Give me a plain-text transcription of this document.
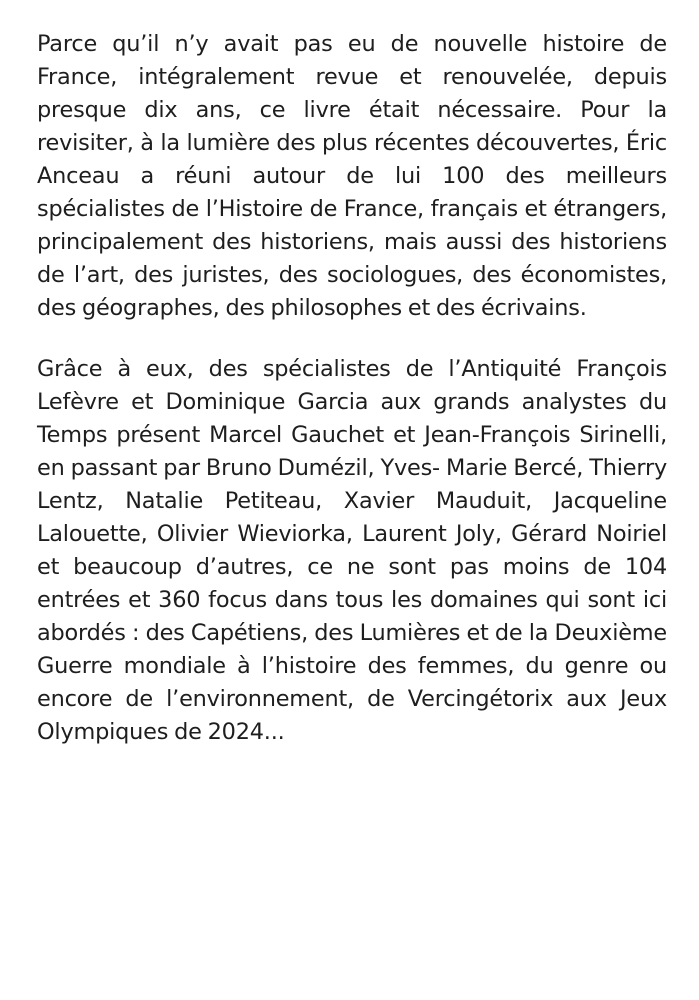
Parce qu’il n’y avait pas eu de nouvelle histoire de France, intégralement revue et renouvelée, depuis presque dix ans, ce livre était nécessaire. Pour la revisiter, à la lumière des plus récentes découvertes, Éric Anceau a réuni autour de lui 100 des meilleurs spécialistes de l’Histoire de France, français et étrangers, principalement des historiens, mais aussi des historiens de l’art, des juristes, des sociologues, des économistes, des géographes, des philosophes et des écrivains.

Grâce à eux, des spécialistes de l’Antiquité François Lefèvre et Dominique Garcia aux grands analystes du Temps présent Marcel Gauchet et Jean-François Sirinelli, en passant par Bruno Dumézil, Yves- Marie Bercé, Thierry Lentz, Natalie Petiteau, Xavier Mauduit, Jacqueline Lalouette, Olivier Wieviorka, Laurent Joly, Gérard Noiriel et beaucoup d’autres, ce ne sont pas moins de 104 entrées et 360 focus dans tous les domaines qui sont ici abordés : des Capétiens, des Lumières et de la Deuxième Guerre mondiale à l’histoire des femmes, du genre ou encore de l’environnement, de Vercingétorix aux Jeux Olympiques de 2024...
